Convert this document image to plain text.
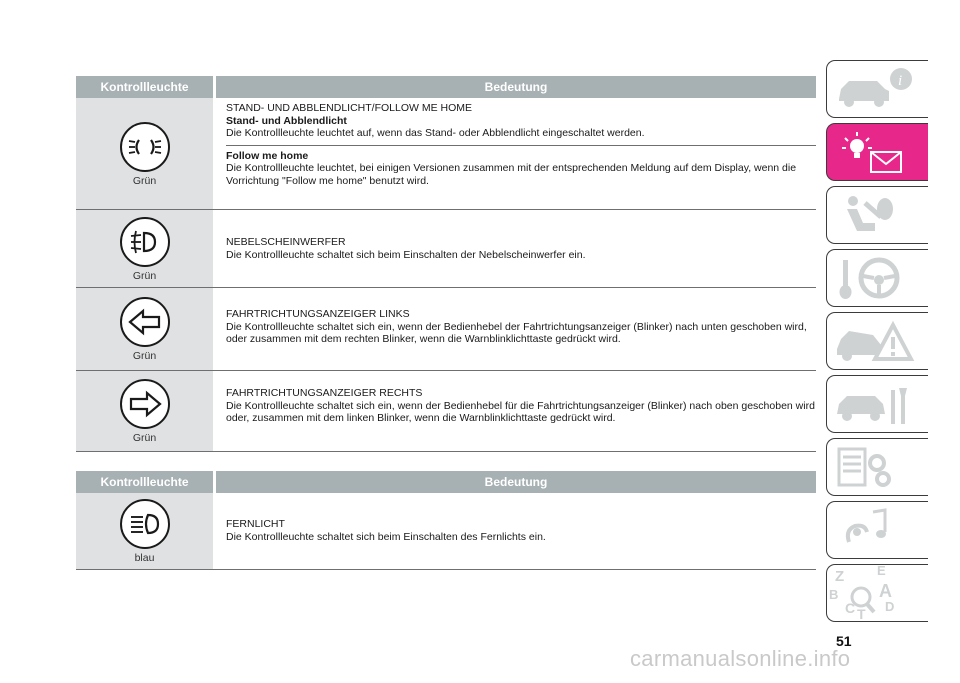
Kontrollleuchte	Bedeutung
Grün
STAND- UND ABBLENDLICHT/FOLLOW ME HOME
Stand- und Abblendlicht
Die Kontrollleuchte leuchtet auf, wenn das Stand- oder Abblendlicht eingeschaltet werden.
Follow me home
Die Kontrollleuchte leuchtet, bei einigen Versionen zusammen mit der entsprechenden Meldung auf dem Display, wenn die Vorrichtung "Follow me home" benutzt wird.
Grün
NEBELSCHEINWERFER
Die Kontrollleuchte schaltet sich beim Einschalten der Nebelscheinwerfer ein.
Grün
FAHRTRICHTUNGSANZEIGER LINKS
Die Kontrollleuchte schaltet sich ein, wenn der Bedienhebel der Fahrtrichtungsanzeiger (Blinker) nach unten geschoben wird, oder zusammen mit dem rechten Blinker, wenn die Warnblinklichttaste gedrückt wird.
Grün
FAHRTRICHTUNGSANZEIGER RECHTS
Die Kontrollleuchte schaltet sich ein, wenn der Bedienhebel für die Fahrtrichtungsanzeiger (Blinker) nach oben geschoben wird oder, zusammen mit dem linken Blinker, wenn die Warnblinklichttaste gedrückt wird.
Kontrollleuchte	Bedeutung
blau
FERNLICHT
Die Kontrollleuchte schaltet sich beim Einschalten des Fernlichts ein.
i
Z	E
A
B
C T D
51
carmanualsonline.info
